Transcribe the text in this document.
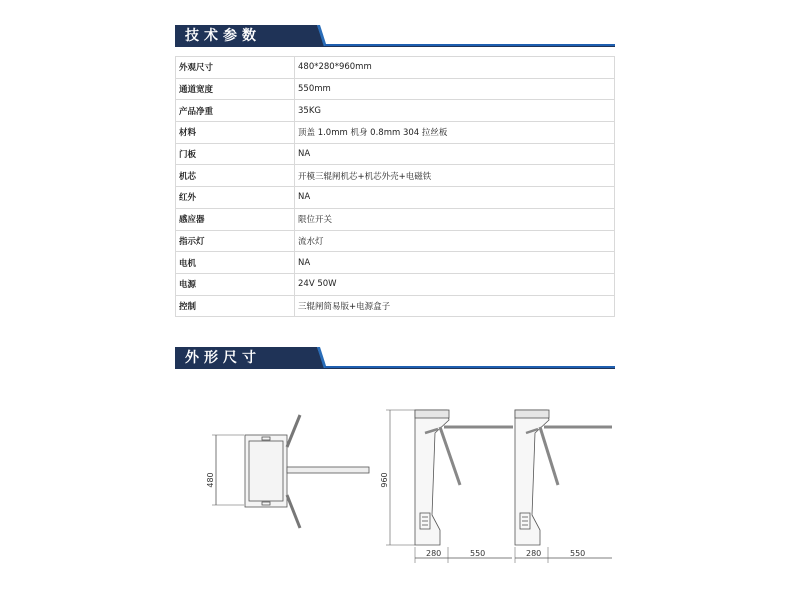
技术参数
外观尺寸	480*280*960mm
通道宽度	550mm
产品净重	35KG
材料	顶盖 1.0mm 机身 0.8mm 304 拉丝板
门板	NA
机芯	开模三辊闸机芯+机芯外壳+电磁铁
红外	NA
感应器	限位开关
指示灯	流水灯
电机	NA
电源	24V 50W
控制	三辊闸简易版+电源盒子
外形尺寸
480	960
280	550	280	550
